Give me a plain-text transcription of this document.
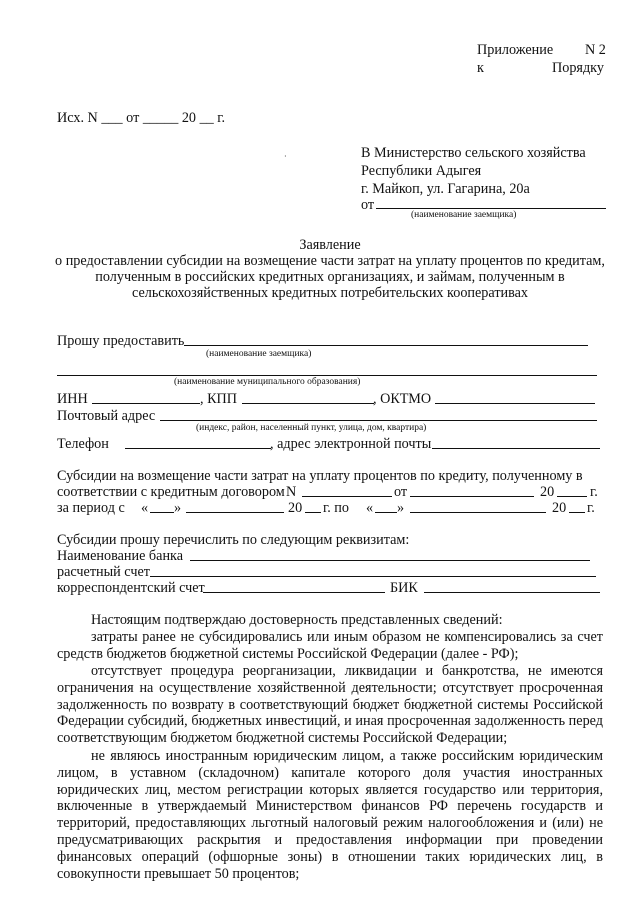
Приложение N 2
к	Порядку
Исх. N ___ от _____ 20 __ г.
В Министерство сельского хозяйства
Республики Адыгея
г. Майкоп, ул. Гагарина, 20а
от
(наименование заемщика)
·
Заявление
о предоставлении субсидии на возмещение части затрат на уплату процентов по кредитам,
полученным в российских кредитных организациях, и займам, полученным в
сельскохозяйственных кредитных потребительских кооперативах
Прошу предоставить
(наименование заемщика)
(наименование муниципального образования)
ИНН	, КПП	, ОКТМО
Почтовый адрес
(индекс, район, населенный пункт, улица, дом, квартира)
Телефон	, адрес электронной почты
Субсидии на возмещение части затрат на уплату процентов по кредиту, полученному в
соответствии с кредитным договором N	от	20	г.
за период с « »	20 г. по « »	20 г.
Субсидии прошу перечислить по следующим реквизитам:
Наименование банка
расчетный счет
корреспондентский счет	БИК
Настоящим подтверждаю достоверность представленных сведений:
затраты ранее не субсидировались или иным образом не компенсировались за счет средств бюджетов бюджетной системы Российской Федерации (далее - РФ);
отсутствует процедура реорганизации, ликвидации и банкротства, не имеются ограничения на осуществление хозяйственной деятельности; отсутствует просроченная задолженность по возврату в соответствующий бюджет бюджетной системы Российской Федерации субсидий, бюджетных инвестиций, и иная просроченная задолженность перед соответствующим бюджетом бюджетной системы Российской Федерации;
не являюсь иностранным юридическим лицом, а также российским юридическим лицом, в уставном (складочном) капитале которого доля участия иностранных юридических лиц, местом регистрации которых является государство или территория, включенные в утверждаемый Министерством финансов РФ перечень государств и территорий, предоставляющих льготный налоговый режим налогообложения и (или) не предусматривающих раскрытия и предоставления информации при проведении финансовых операций (офшорные зоны) в отношении таких юридических лиц, в совокупности превышает 50 процентов;
